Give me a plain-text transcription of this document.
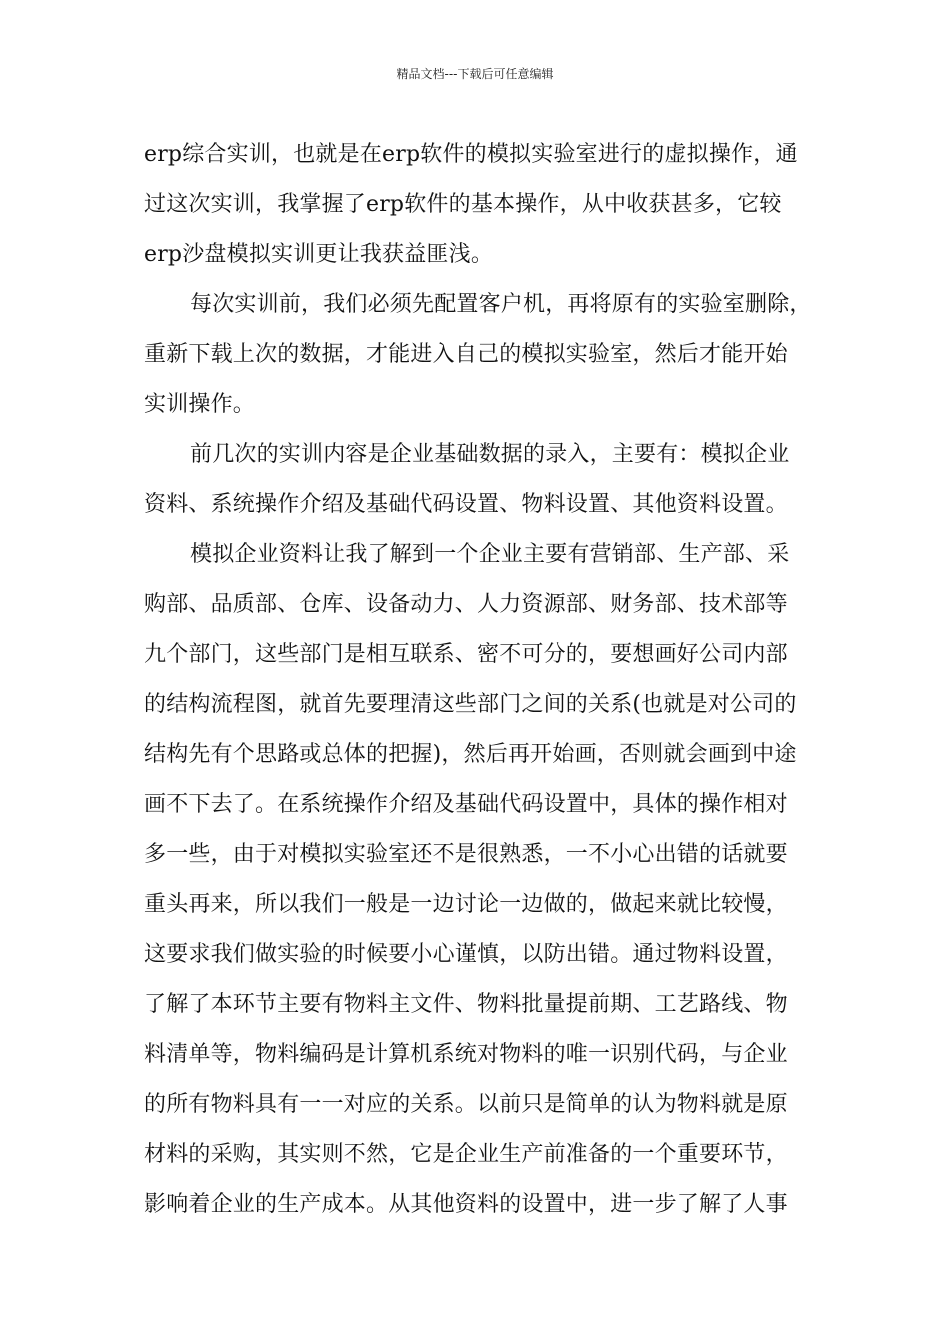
精品文档---下载后可任意编辑
erp综合实训，也就是在erp软件的模拟实验室进行的虚拟操作，通
过这次实训，我掌握了erp软件的基本操作，从中收获甚多，它较
erp沙盘模拟实训更让我获益匪浅。
每次实训前，我们必须先配置客户机，再将原有的实验室删除，
重新下载上次的数据，才能进入自己的模拟实验室，然后才能开始
实训操作。
前几次的实训内容是企业基础数据的录入，主要有：模拟企业
资料、系统操作介绍及基础代码设置、物料设置、其他资料设置。
模拟企业资料让我了解到一个企业主要有营销部、生产部、采
购部、品质部、仓库、设备动力、人力资源部、财务部、技术部等
九个部门，这些部门是相互联系、密不可分的，要想画好公司内部
的结构流程图，就首先要理清这些部门之间的关系(也就是对公司的
结构先有个思路或总体的把握)，然后再开始画，否则就会画到中途
画不下去了。在系统操作介绍及基础代码设置中，具体的操作相对
多一些，由于对模拟实验室还不是很熟悉，一不小心出错的话就要
重头再来，所以我们一般是一边讨论一边做的，做起来就比较慢，
这要求我们做实验的时候要小心谨慎，以防出错。通过物料设置，
了解了本环节主要有物料主文件、物料批量提前期、工艺路线、物
料清单等，物料编码是计算机系统对物料的唯一识别代码，与企业
的所有物料具有一一对应的关系。以前只是简单的认为物料就是原
材料的采购，其实则不然，它是企业生产前准备的一个重要环节，
影响着企业的生产成本。从其他资料的设置中，进一步了解了人事
